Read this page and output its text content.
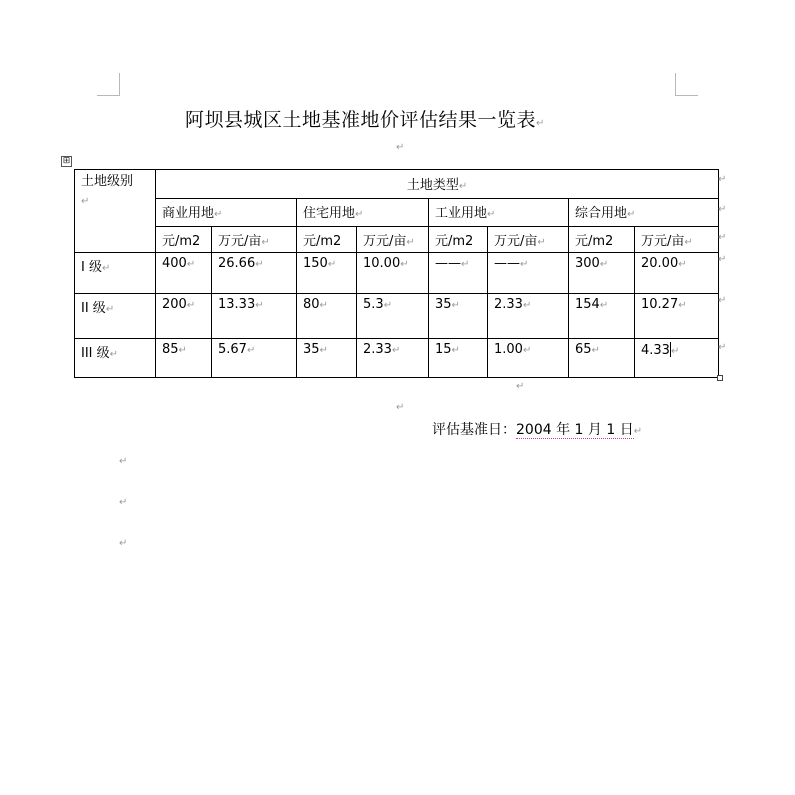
阿坝县城区土地基准地价评估结果一览表↵
↵
⊞
土地级别↵	土地类型↵							
	商业用地↵		住宅用地↵		工业用地↵		综合用地↵	
	元/m2	万元/亩↵	元/m2	万元/亩↵	元/m2	万元/亩↵	元/m2	万元/亩↵
I 级↵	400↵	26.66↵	150↵	10.00↵	——↵	——↵	300↵	20.00↵
II 级↵	200↵	13.33↵	80↵	5.3↵	35↵	2.33↵	154↵	10.27↵
III 级↵	85↵	5.67↵	35↵	2.33↵	15↵	1.00↵	65↵	4.33↵
↵
↵
↵
↵
↵
↵
↵
↵
评估基准日：2004 年 1 月 1 日↵
↵
↵
↵
